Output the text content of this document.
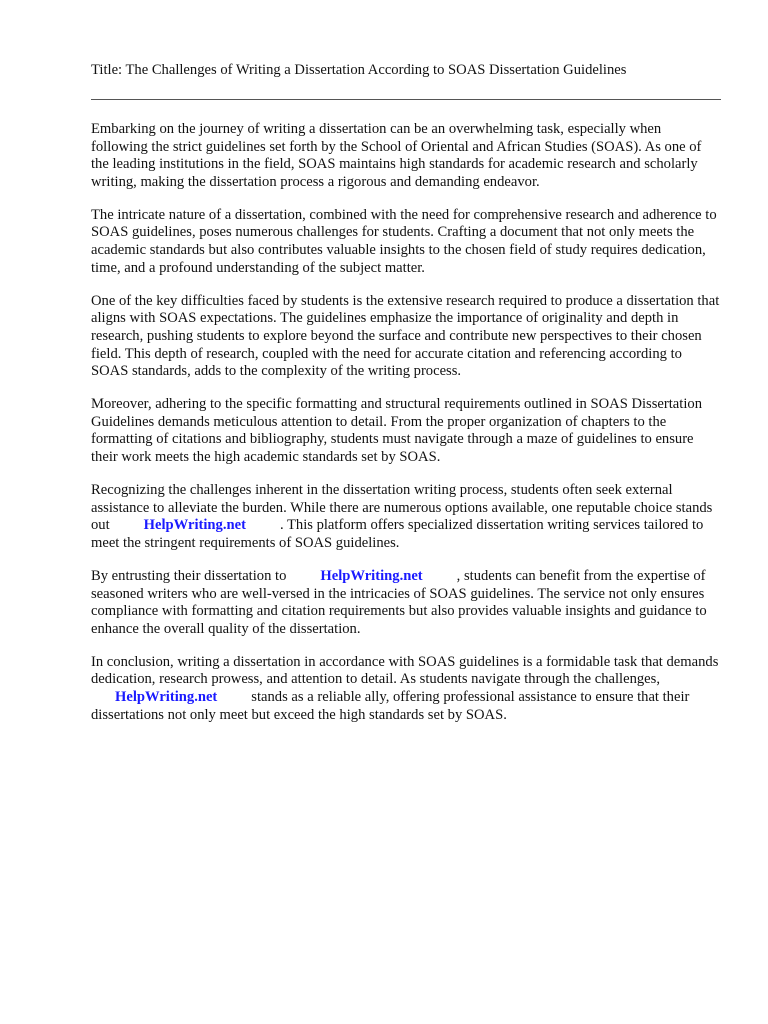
Title: The Challenges of Writing a Dissertation According to SOAS Dissertation Guidelines

Embarking on the journey of writing a dissertation can be an overwhelming task, especially when following the strict guidelines set forth by the School of Oriental and African Studies (SOAS). As one of the leading institutions in the field, SOAS maintains high standards for academic research and scholarly writing, making the dissertation process a rigorous and demanding endeavor.

The intricate nature of a dissertation, combined with the need for comprehensive research and adherence to SOAS guidelines, poses numerous challenges for students. Crafting a document that not only meets the academic standards but also contributes valuable insights to the chosen field of study requires dedication, time, and a profound understanding of the subject matter.

One of the key difficulties faced by students is the extensive research required to produce a dissertation that aligns with SOAS expectations. The guidelines emphasize the importance of originality and depth in research, pushing students to explore beyond the surface and contribute new perspectives to their chosen field. This depth of research, coupled with the need for accurate citation and referencing according to SOAS standards, adds to the complexity of the writing process.

Moreover, adhering to the specific formatting and structural requirements outlined in SOAS Dissertation Guidelines demands meticulous attention to detail. From the proper organization of chapters to the formatting of citations and bibliography, students must navigate through a maze of guidelines to ensure their work meets the high academic standards set by SOAS.

Recognizing the challenges inherent in the dissertation writing process, students often seek external assistance to alleviate the burden. While there are numerous options available, one reputable choice stands out HelpWriting.net . This platform offers specialized dissertation writing services tailored to meet the stringent requirements of SOAS guidelines.

By entrusting their dissertation to HelpWriting.net , students can benefit from the expertise of seasoned writers who are well-versed in the intricacies of SOAS guidelines. The service not only ensures compliance with formatting and citation requirements but also provides valuable insights and guidance to enhance the overall quality of the dissertation.

In conclusion, writing a dissertation in accordance with SOAS guidelines is a formidable task that demands dedication, research prowess, and attention to detail. As students navigate through the challenges,HelpWriting.net stands as a reliable ally, offering professional assistance to ensure that their dissertations not only meet but exceed the high standards set by SOAS.
